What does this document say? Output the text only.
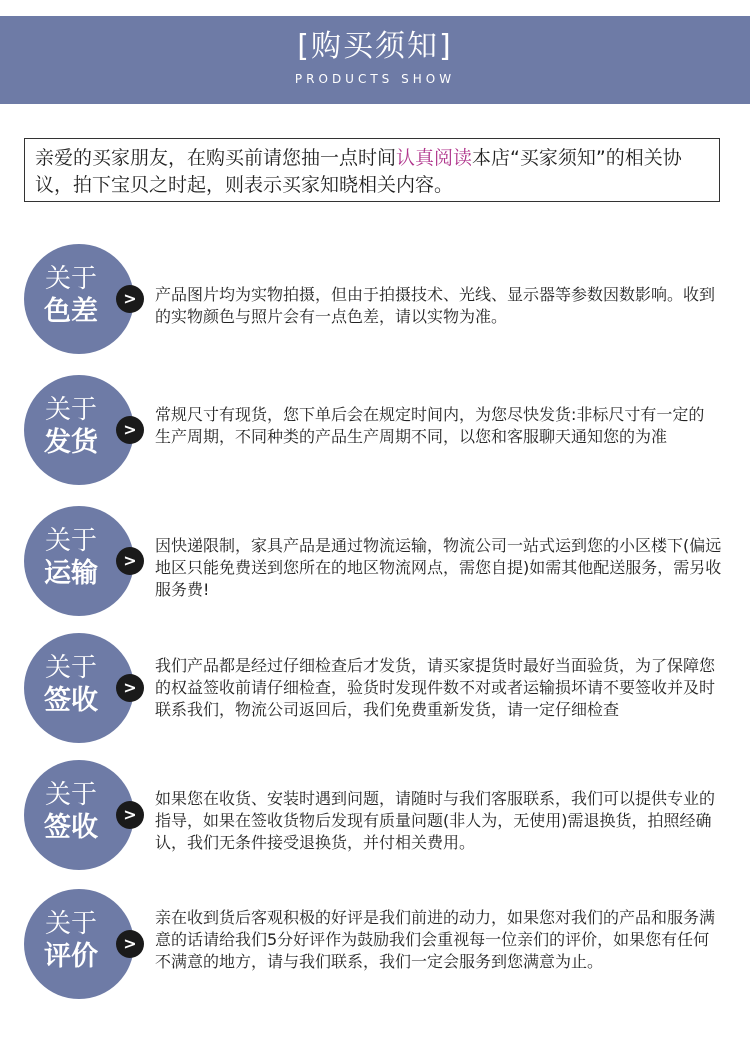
[购买须知]
PRODUCTS SHOW
亲爱的买家朋友，在购买前请您抽一点时间认真阅读本店“买家须知”的相关协议，拍下宝贝之时起，则表示买家知晓相关内容。
关于
色差	>	产品图片均为实物拍摄，但由于拍摄技术、光线、显示器等参数因数影响。收到的实物颜色与照片会有一点色差，请以实物为准。
关于
发货	>
常规尺寸有现货，您下单后会在规定时间内，为您尽快发货:非标尺寸有一定的 生产周期，不同种类的产品生产周期不同，以您和客服聊天通知您的为准
关于
运输	>
因快递限制，家具产品是通过物流运输，物流公司一站式运到您的小区楼下(偏远地区只能免费送到您所在的地区物流网点，需您自提)如需其他配送服务，需另收服务费!
关于
签收	>
我们产品都是经过仔细检查后才发货，请买家提货时最好当面验货，为了保障您的权益签收前请仔细检查，验货时发现件数不对或者运输损坏请不要签收并及时联系我们，物流公司返回后，我们免费重新发货，请一定仔细检查
关于
签收	>
如果您在收货、安装时遇到问题，请随时与我们客服联系，我们可以提供专业的指导，如果在签收货物后发现有质量问题(非人为，无使用)需退换货，拍照经确认，我们无条件接受退换货，并付相关费用。
关于
评价	>
亲在收到货后客观积极的好评是我们前进的动力，如果您对我们的产品和服务满意的话请给我们5分好评作为鼓励我们会重视每一位亲们的评价，如果您有任何不满意的地方，请与我们联系，我们一定会服务到您满意为止。
